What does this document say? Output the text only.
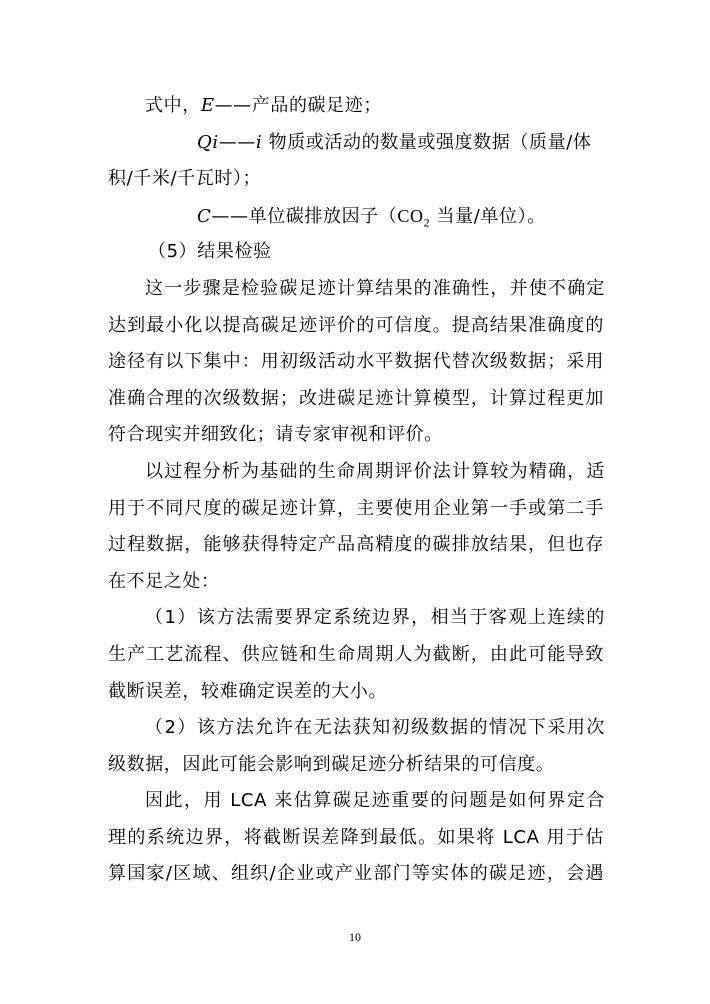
式中，E——产品的碳足迹；
Qi——i 物质或活动的数量或强度数据（质量/体
积/千米/千瓦时）；
C——单位碳排放因子（$CO_2$ 当量/单位）。
（5）结果检验
这一步骤是检验碳足迹计算结果的准确性，并使不确定
达到最小化以提高碳足迹评价的可信度。提高结果准确度的
途径有以下集中：用初级活动水平数据代替次级数据；采用
准确合理的次级数据；改进碳足迹计算模型，计算过程更加
符合现实并细致化；请专家审视和评价。
以过程分析为基础的生命周期评价法计算较为精确，适
用于不同尺度的碳足迹计算，主要使用企业第一手或第二手
过程数据，能够获得特定产品高精度的碳排放结果，但也存
在不足之处：
（1）该方法需要界定系统边界，相当于客观上连续的
生产工艺流程、供应链和生命周期人为截断，由此可能导致
截断误差，较难确定误差的大小。
（2）该方法允许在无法获知初级数据的情况下采用次
级数据，因此可能会影响到碳足迹分析结果的可信度。
因此，用 LCA 来估算碳足迹重要的问题是如何界定合
理的系统边界，将截断误差降到最低。如果将 LCA 用于估
算国家/区域、组织/企业或产业部门等实体的碳足迹，会遇
10
